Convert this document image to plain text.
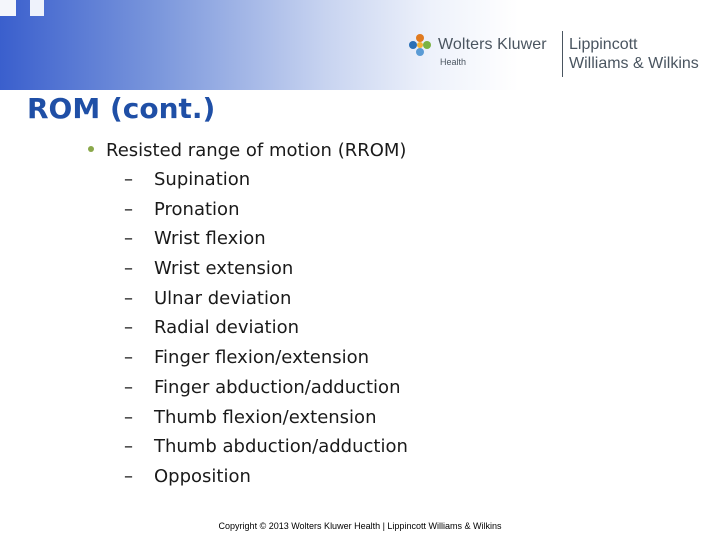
Wolters Kluwer
Health
Lippincott
Williams & Wilkins
ROM (cont.)
Resisted range of motion (RROM)
– Supination
– Pronation
– Wrist flexion
– Wrist extension
– Ulnar deviation
– Radial deviation
– Finger flexion/extension
– Finger abduction/adduction
– Thumb flexion/extension
– Thumb abduction/adduction
– Opposition
Copyright © 2013 Wolters Kluwer Health | Lippincott Williams & Wilkins
